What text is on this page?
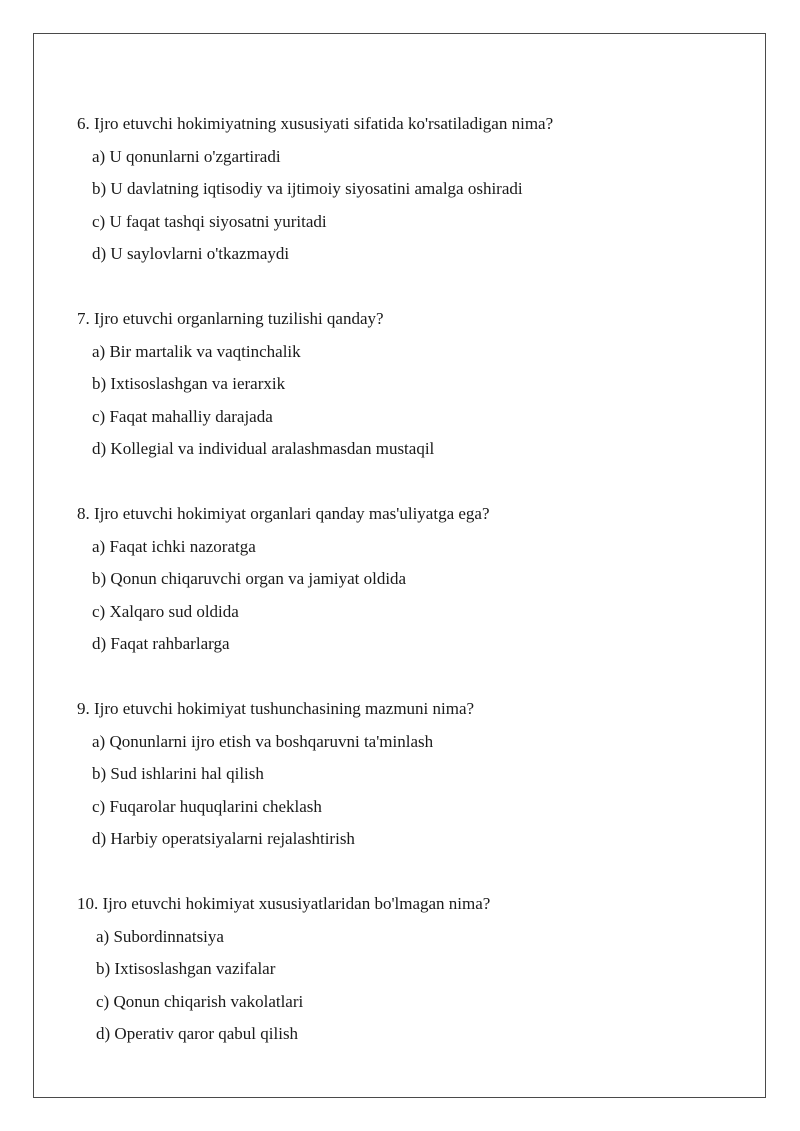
6. Ijro etuvchi hokimiyatning xususiyati sifatida ko'rsatiladigan nima?
a) U qonunlarni o'zgartiradi
b) U davlatning iqtisodiy va ijtimoiy siyosatini amalga oshiradi
c) U faqat tashqi siyosatni yuritadi
d) U saylovlarni o'tkazmaydi
7. Ijro etuvchi organlarning tuzilishi qanday?
a) Bir martalik va vaqtinchalik
b) Ixtisoslashgan va ierarxik
c) Faqat mahalliy darajada
d) Kollegial va individual aralashmasdan mustaqil
8. Ijro etuvchi hokimiyat organlari qanday mas'uliyatga ega?
a) Faqat ichki nazoratga
b) Qonun chiqaruvchi organ va jamiyat oldida
c) Xalqaro sud oldida
d) Faqat rahbarlarga
9. Ijro etuvchi hokimiyat tushunchasining mazmuni nima?
a) Qonunlarni ijro etish va boshqaruvni ta'minlash
b) Sud ishlarini hal qilish
c) Fuqarolar huquqlarini cheklash
d) Harbiy operatsiyalarni rejalashtirish
10. Ijro etuvchi hokimiyat xususiyatlaridan bo'lmagan nima?
a) Subordinnatsiya
b) Ixtisoslashgan vazifalar
c) Qonun chiqarish vakolatlari
d) Operativ qaror qabul qilish
